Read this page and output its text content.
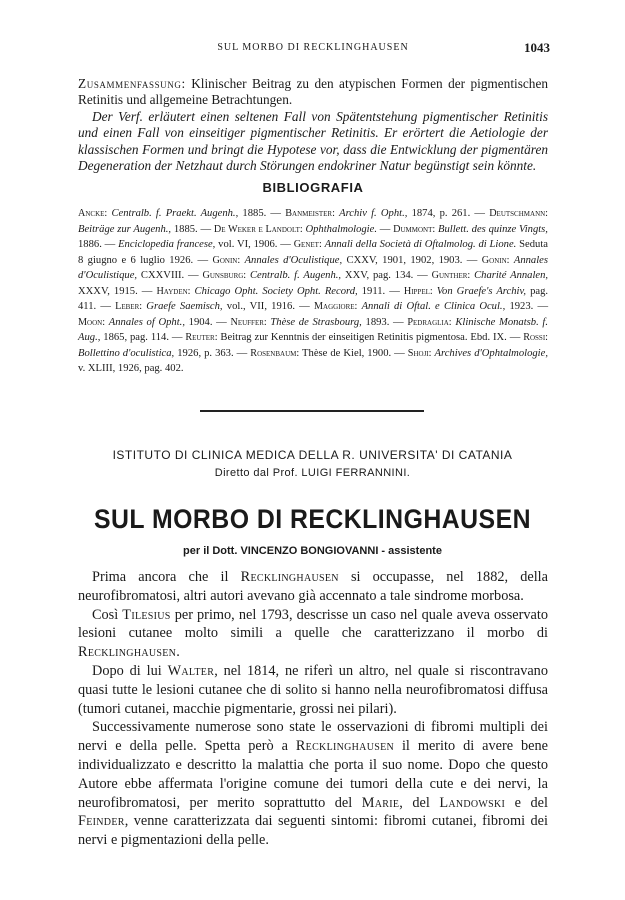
SUL MORBO DI RECKLINGHAUSEN	1043
Zusammenfassung: Klinischer Beitrag zu den atypischen Formen der pigmentischen Retinitis und allgemeine Betrachtungen.
Der Verf. erläutert einen seltenen Fall von Spätentstehung pigmentischer Retinitis und einen Fall von einseitiger pigmentischer Retinitis. Er erörtert die Aetiologie der klassischen Formen und bringt die Hypotese vor, dass die Entwicklung der pigmentären Degeneration der Netzhaut durch Störungen endokriner Natur begünstigt sein könnte.
BIBLIOGRAFIA
Ancke: Centralb. f. Praekt. Augenh., 1885. — Banmeister: Archiv f. Opht., 1874, p. 261. — Deutschmann: Beiträge zur Augenh., 1885. — De Weker e Landolt: Ophthalmologie. — Dummont: Bullett. des quinze Vingts, 1886. — Enciclopedia francese, vol. VI, 1906. — Genet: Annali della Società di Oftalmolog. di Lione. Seduta 8 giugno e 6 luglio 1926. — Gonin: Annales d'Oculistique, CXXV, 1901, 1902, 1903. — Gonin: Annales d'Oculistique, CXXVIII. — Gunsburg: Centralb. f. Augenh., XXV, pag. 134. — Gunther: Charité Annalen, XXXV, 1915. — Hayden: Chicago Opht. Society Opht. Record, 1911. — Hippel: Von Graefe's Archiv, pag. 411. — Leber: Graefe Saemisch, vol., VII, 1916. — Maggiore: Annali di Oftal. e Clinica Ocul., 1923. — Moon: Annales of Opht., 1904. — Neuffer: Thèse de Strasbourg, 1893. — Pedraglia: Klinische Monatsb. f. Aug., 1865, pag. 114. — Reuter: Beitrag zur Kenntnis der einseitigen Retinitis pigmentosa. Ebd. IX. — Rossi: Bollettino d'oculistica, 1926, p. 363. — Rosenbaum: Thèse de Kiel, 1900. — Shoji: Archives d'Ophtalmologie, v. XLIII, 1926, pag. 402.
ISTITUTO DI CLINICA MEDICA DELLA R. UNIVERSITA' DI CATANIA
Diretto dal Prof. LUIGI FERRANNINI.
SUL MORBO DI RECKLINGHAUSEN
per il Dott. VINCENZO BONGIOVANNI - assistente

Prima ancora che il Recklinghausen si occupasse, nel 1882, della neurofibromatosi, altri autori avevano già accennato a tale sindrome morbosa.

Così Tilesius per primo, nel 1793, descrisse un caso nel quale aveva osservato lesioni cutanee molto simili a quelle che caratterizzano il morbo di Recklinghausen.

Dopo di lui Walter, nel 1814, ne riferì un altro, nel quale si riscontravano quasi tutte le lesioni cutanee che di solito si hanno nella neurofibromatosi diffusa (tumori cutanei, macchie pigmentarie, grossi nei pilari).

Successivamente numerose sono state le osservazioni di fibromi multipli dei nervi e della pelle. Spetta però a Recklinghausen il merito di avere bene individualizzato e descritto la malattia che porta il suo nome. Dopo che questo Autore ebbe affermata l'origine comune dei tumori della cute e dei nervi, la neurofibromatosi, per merito soprattutto del Marie, del Landowski e del Feinder, venne caratterizzata dai seguenti sintomi: fibromi cutanei, fibromi dei nervi e pigmentazioni della pelle.
